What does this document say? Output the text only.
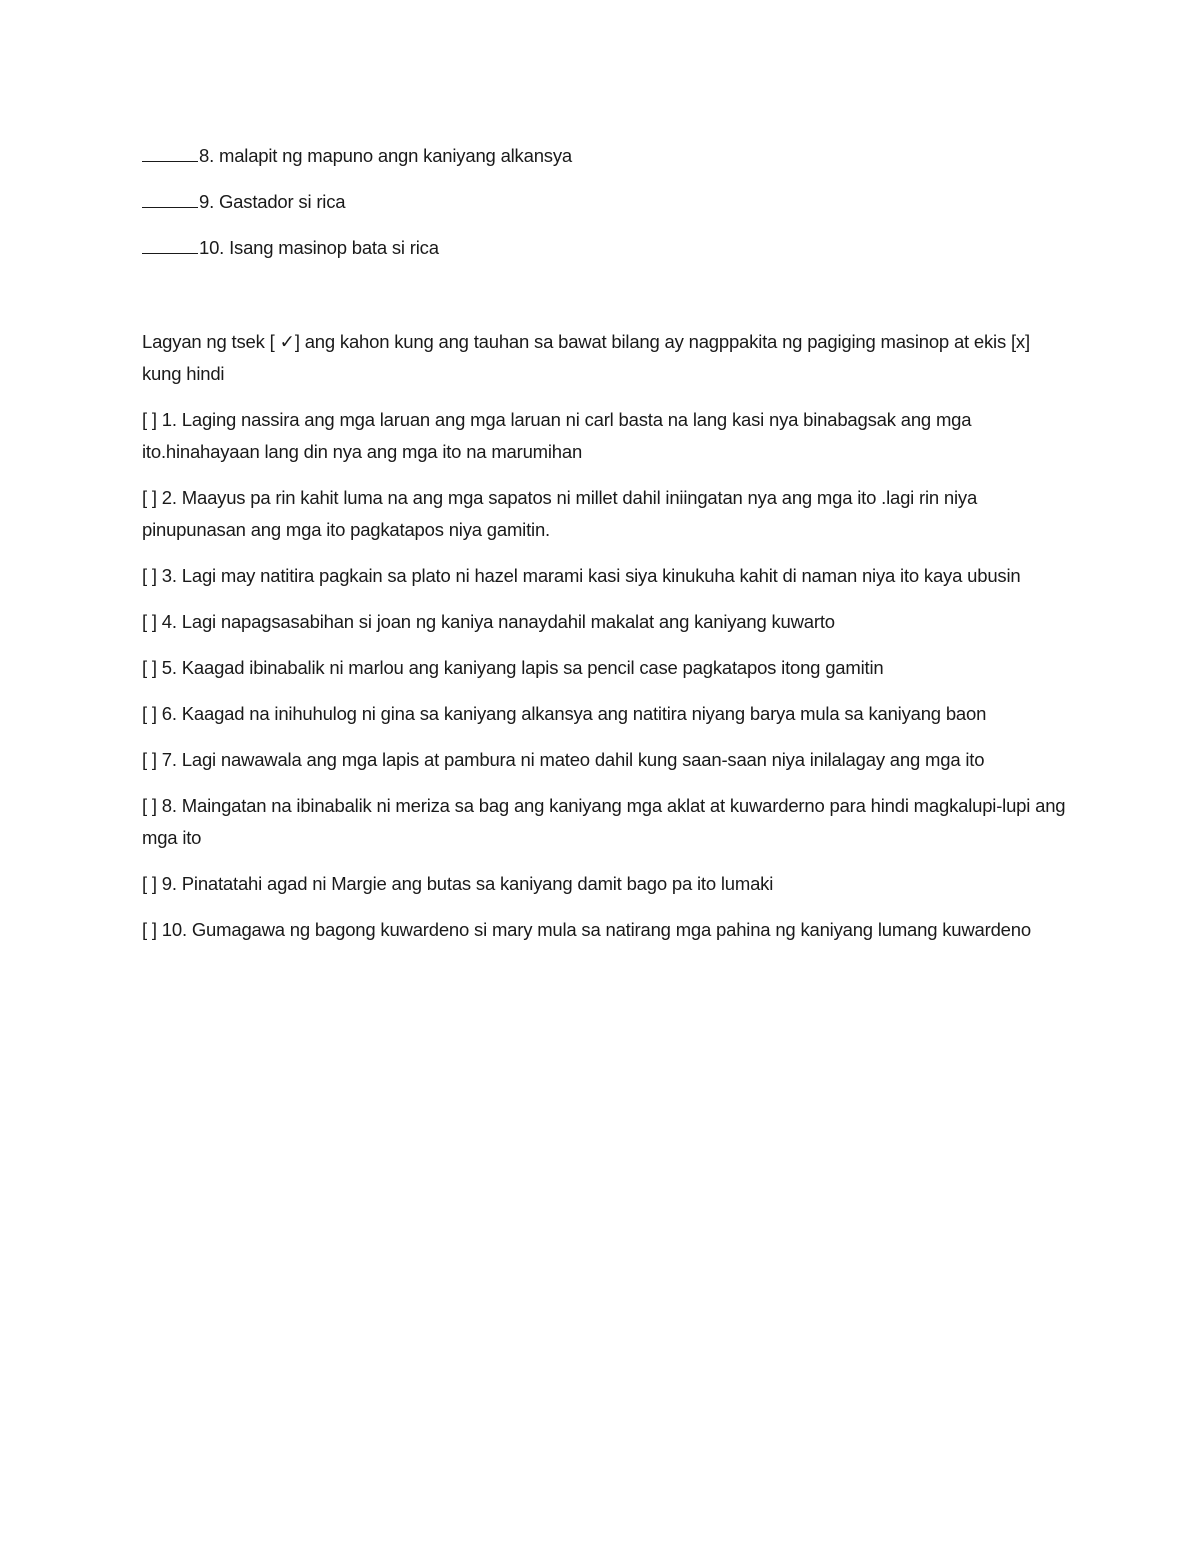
8. malapit ng mapuno angn kaniyang alkansya
9. Gastador si rica
10. Isang masinop bata si rica
Lagyan ng tsek [ ✓] ang kahon kung ang tauhan sa bawat bilang ay nagppakita ng pagiging masinop at ekis [x] kung hindi
[ ] 1. Laging nassira ang mga laruan ang mga laruan ni carl basta na lang kasi nya binabagsak ang mga ito.hinahayaan lang din nya ang mga ito na marumihan
[ ] 2. Maayus pa rin kahit luma na ang mga sapatos ni millet dahil iniingatan nya ang mga ito .lagi rin niya pinupunasan ang mga ito pagkatapos niya gamitin.
[ ] 3. Lagi may natitira pagkain sa plato ni hazel marami kasi siya kinukuha kahit di naman niya ito kaya ubusin
[ ] 4. Lagi napagsasabihan si joan ng kaniya nanaydahil makalat ang kaniyang kuwarto
[ ] 5. Kaagad ibinabalik ni marlou ang kaniyang lapis sa pencil case pagkatapos itong gamitin
[ ] 6. Kaagad na inihuhulog ni gina sa kaniyang alkansya ang natitira niyang barya mula sa kaniyang baon
[ ] 7. Lagi nawawala ang mga lapis at pambura ni mateo dahil kung saan-saan niya inilalagay ang mga ito
[ ] 8. Maingatan na ibinabalik ni meriza sa bag ang kaniyang mga aklat at kuwarderno para hindi magkalupi-lupi ang mga ito
[ ] 9. Pinatatahi agad ni Margie ang butas sa kaniyang damit bago pa ito lumaki
[ ] 10. Gumagawa ng bagong kuwardeno si mary mula sa natirang mga pahina ng kaniyang lumang kuwardeno
